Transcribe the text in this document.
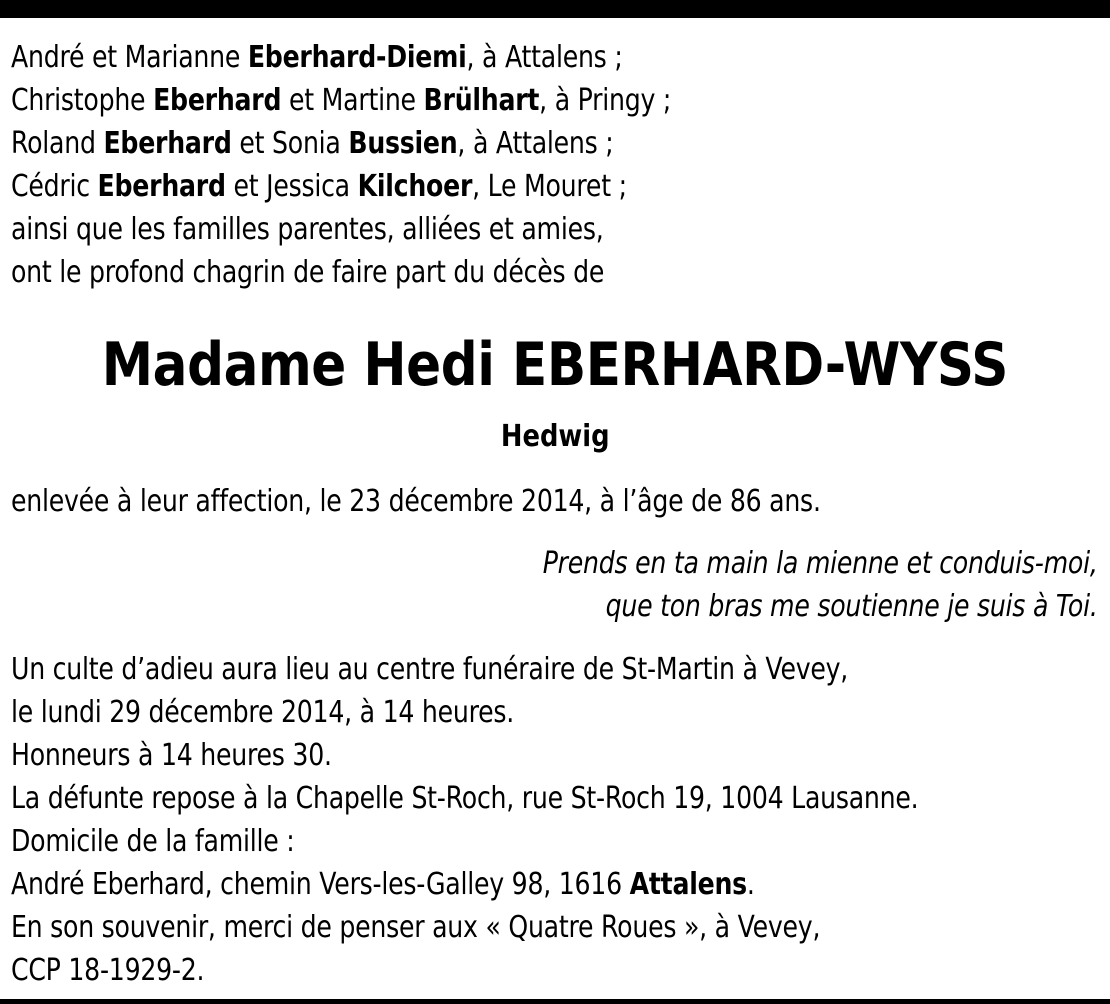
André et Marianne Eberhard-Diemi, à Attalens ;
Christophe Eberhard et Martine Brülhart, à Pringy ;
Roland Eberhard et Sonia Bussien, à Attalens ;
Cédric Eberhard et Jessica Kilchoer, Le Mouret ;
ainsi que les familles parentes, alliées et amies,
ont le profond chagrin de faire part du décès de
Madame Hedi EBERHARD-WYSS
Hedwig
enlevée à leur affection, le 23 décembre 2014, à l’âge de 86 ans.
Prends en ta main la mienne et conduis-moi,
que ton bras me soutienne je suis à Toi.
Un culte d’adieu aura lieu au centre funéraire de St-Martin à Vevey,
le lundi 29 décembre 2014, à 14 heures.
Honneurs à 14 heures 30.
La défunte repose à la Chapelle St-Roch, rue St-Roch 19, 1004 Lausanne.
Domicile de la famille :
André Eberhard, chemin Vers-les-Galley 98, 1616 Attalens.
En son souvenir, merci de penser aux « Quatre Roues », à Vevey,
CCP 18-1929-2.
